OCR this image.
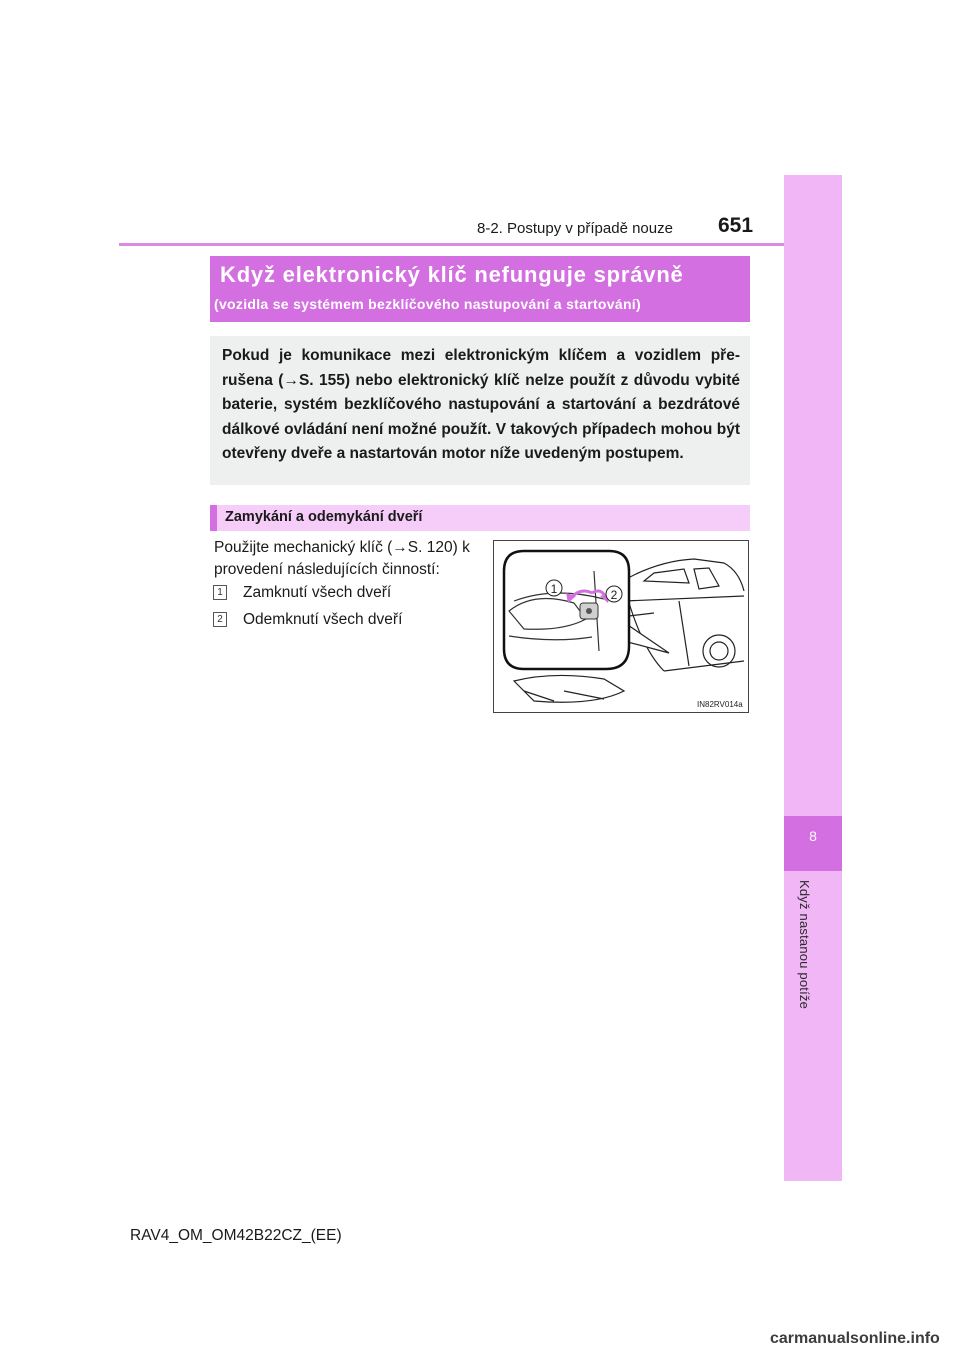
8
Když nastanou potíže
8-2. Postupy v případě nouze 651
Když elektronický klíč nefunguje správně
(vozidla se systémem bezklíčového nastupování a startování)
Pokud je komunikace mezi elektronickým klíčem a vozidlem pře-rušena (→S. 155) nebo elektronický klíč nelze použít z důvodu vybité baterie, systém bezklíčového nastupování a startování a bezdrátové dálkové ovládání není možné použít. V takových případech mohou být otevřeny dveře a nastartován motor níže uvedeným postupem.
Zamykání a odemykání dveří
Použijte mechanický klíč (→S. 120) k provedení následujících činností:
1 Zamknutí všech dveří
2 Odemknutí všech dveří
1	2
IN82RV014a
RAV4_OM_OM42B22CZ_(EE)
carmanualsonline.info
